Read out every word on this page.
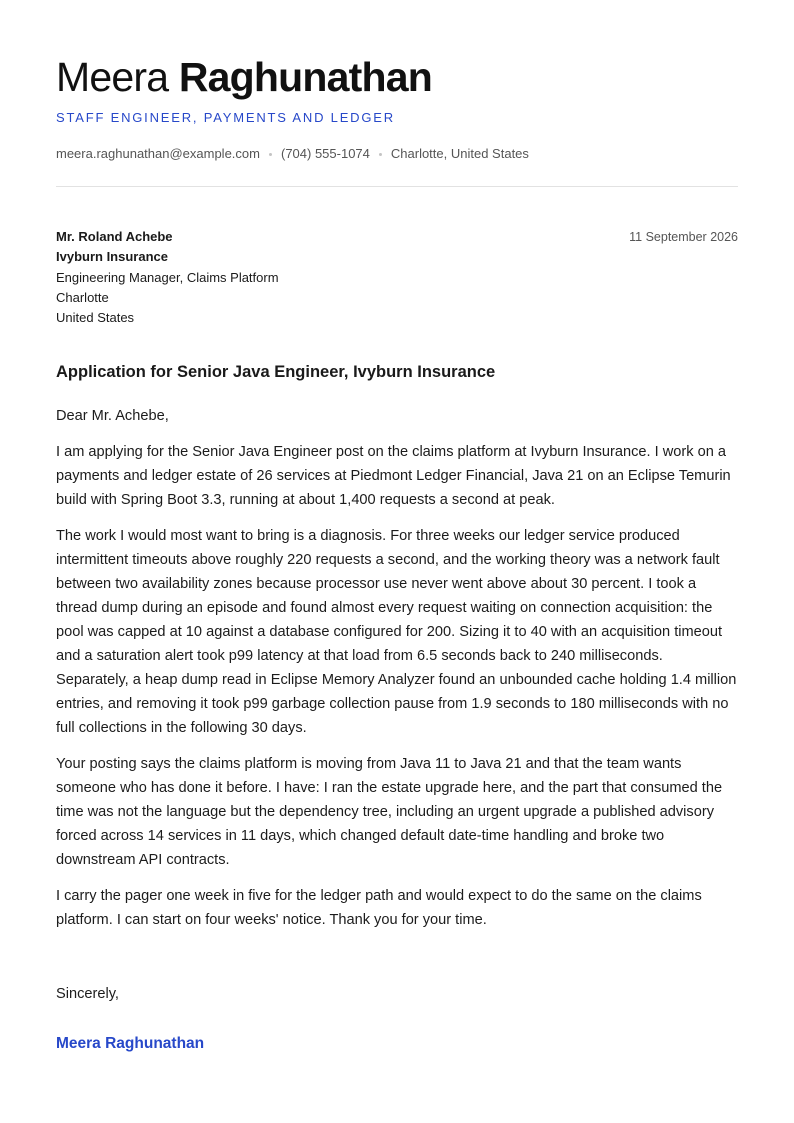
Meera Raghunathan
STAFF ENGINEER, PAYMENTS AND LEDGER
meera.raghunathan@example.com (704) 555-1074 Charlotte, United States
Mr. Roland Achebe
Ivyburn Insurance
Engineering Manager, Claims Platform
Charlotte
United States
11 September 2026
Application for Senior Java Engineer, Ivyburn Insurance

Dear Mr. Achebe,

I am applying for the Senior Java Engineer post on the claims platform at Ivyburn Insurance. I work on a payments and ledger estate of 26 services at Piedmont Ledger Financial, Java 21 on an Eclipse Temurin build with Spring Boot 3.3, running at about 1,400 requests a second at peak.

The work I would most want to bring is a diagnosis. For three weeks our ledger service produced intermittent timeouts above roughly 220 requests a second, and the working theory was a network fault between two availability zones because processor use never went above about 30 percent. I took a thread dump during an episode and found almost every request waiting on connection acquisition: the pool was capped at 10 against a database configured for 200. Sizing it to 40 with an acquisition timeout and a saturation alert took p99 latency at that load from 6.5 seconds back to 240 milliseconds. Separately, a heap dump read in Eclipse Memory Analyzer found an unbounded cache holding 1.4 million entries, and removing it took p99 garbage collection pause from 1.9 seconds to 180 milliseconds with no full collections in the following 30 days.

Your posting says the claims platform is moving from Java 11 to Java 21 and that the team wants someone who has done it before. I have: I ran the estate upgrade here, and the part that consumed the time was not the language but the dependency tree, including an urgent upgrade a published advisory forced across 14 services in 11 days, which changed default date-time handling and broke two downstream API contracts.

I carry the pager one week in five for the ledger path and would expect to do the same on the claims platform. I can start on four weeks' notice. Thank you for your time.

Sincerely,
Meera Raghunathan
